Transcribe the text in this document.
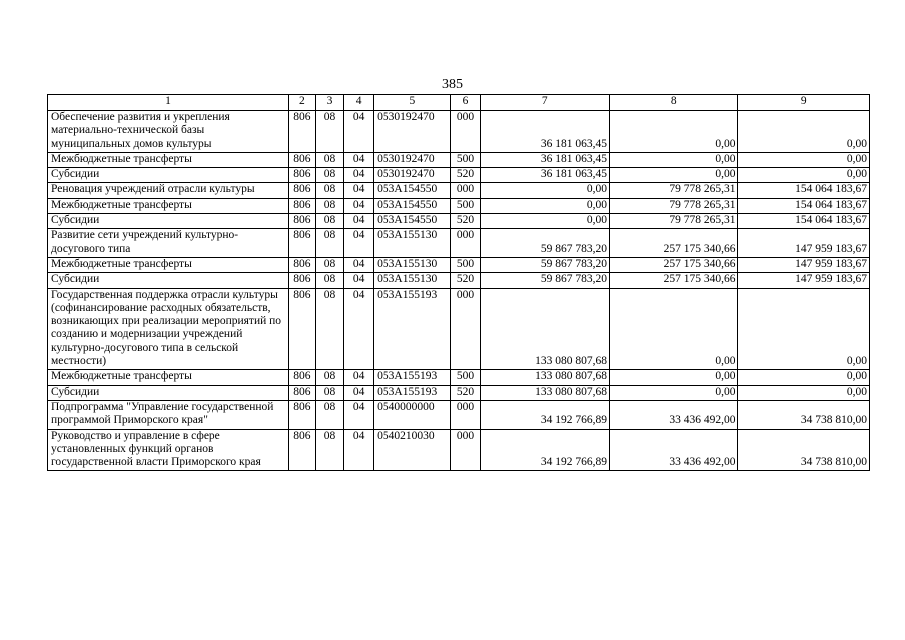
385
1	2	3	4	5	6	7	8	9
Обеспечение развития и укрепления материально-технической базы муниципальных домов культуры	806	08	04	0530192470	000	36 181 063,45	0,00	0,00
Межбюджетные трансферты	806	08	04	0530192470	500	36 181 063,45	0,00	0,00
Субсидии	806	08	04	0530192470	520	36 181 063,45	0,00	0,00
Реновация учреждений отрасли культуры	806	08	04	053A154550	000	0,00	79 778 265,31	154 064 183,67
Межбюджетные трансферты	806	08	04	053A154550	500	0,00	79 778 265,31	154 064 183,67
Субсидии	806	08	04	053A154550	520	0,00	79 778 265,31	154 064 183,67
Развитие сети учреждений культурно-досугового типа	806	08	04	053A155130	000	59 867 783,20	257 175 340,66	147 959 183,67
Межбюджетные трансферты	806	08	04	053A155130	500	59 867 783,20	257 175 340,66	147 959 183,67
Субсидии	806	08	04	053A155130	520	59 867 783,20	257 175 340,66	147 959 183,67
Государственная поддержка отрасли культуры (софинансирование расходных обязательств, возникающих при реализации мероприятий по созданию и модернизации учреждений культурно-досугового типа в сельской местности)	806	08	04	053A155193	000	133 080 807,68	0,00	0,00
Межбюджетные трансферты	806	08	04	053A155193	500	133 080 807,68	0,00	0,00
Субсидии	806	08	04	053A155193	520	133 080 807,68	0,00	0,00
Подпрограмма "Управление государственной программой Приморского края"	806	08	04	0540000000	000	34 192 766,89	33 436 492,00	34 738 810,00
Руководство и управление в сфере установленных функций органов государственной власти Приморского края	806	08	04	0540210030	000	34 192 766,89	33 436 492,00	34 738 810,00
